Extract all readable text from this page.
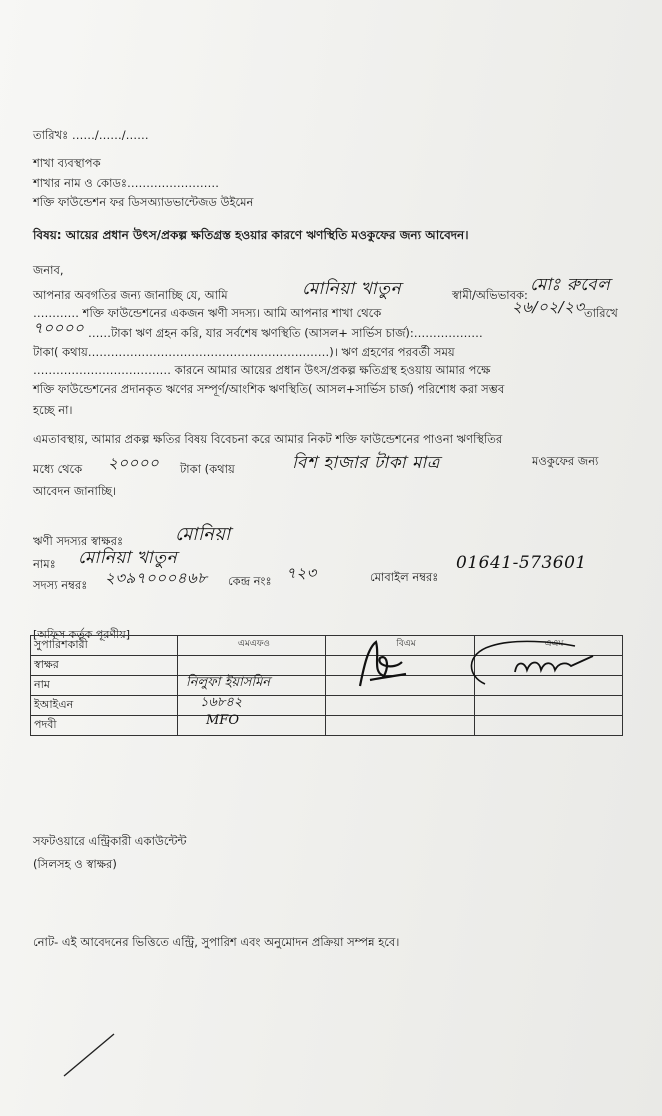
তারিখঃ ……/……/……
শাখা ব্যবস্থাপক
শাখার নাম ও কোডঃ……………………
শক্তি ফাউন্ডেশন ফর ডিসঅ্যাডভান্টেজড উইমেন
বিষয়: আয়ের প্রধান উৎস/প্রকল্প ক্ষতিগ্রস্ত হওয়ার কারণে ঋণস্থিতি মওকুফের জন্য আবেদন।
জনাব,
আপনার অবগতির জন্য জানাচ্ছি যে, আমি	মোনিয়া খাতুন	স্বামী/অভিভাবক: মোঃ রুবেল
………… শক্তি ফাউন্ডেশনের একজন ঋণী সদস্য। আমি আপনার শাখা থেকে	২৬/০২/২৩ তারিখে
৭০০০০ ……টাকা ঋণ গ্রহন করি, যার সর্বশেষ ঋণস্থিতি (আসল+ সার্ভিস চার্জ):………………
টাকা( কথায়………………………………………………………)। ঋণ গ্রহণের পরবর্তী সময়
……………………………… কারনে আমার আয়ের প্রধান উৎস/প্রকল্প ক্ষতিগ্রস্থ হওয়ায় আমার পক্ষে
শক্তি ফাউন্ডেশনের প্রদানকৃত ঋণের সম্পূর্ণ/আংশিক ঋণস্থিতি( আসল+সার্ভিস চার্জ) পরিশোধ করা সম্ভব
হচ্ছে না।
এমতাবস্থায়, আমার প্রকল্প ক্ষতির বিষয় বিবেচনা করে আমার নিকট শক্তি ফাউন্ডেশনের পাওনা ঋণস্থিতির
মধ্যে থেকে ২০০০০ টাকা (কথায়	বিশ হাজার টাকা মাত্র	মওকুফের জন্য
আবেদন জানাচ্ছি।
ঋণী সদস্যর স্বাক্ষরঃ	মোনিয়া
নামঃ মোনিয়া খাতুন
সদস্য নম্বরঃ ২৩৯৭০০০৪৬৮ কেন্দ্র নংঃ ৭২৩	মোবাইল নম্বরঃ
01641-573601
[অফিস কর্তৃক পূরণীয়]
সুপারিশকারী	এমএফও	বিএম	এএম

স্বাক্ষর			
নাম	নিলুফা ইয়াসমিন		

ইআইএন	১৬৮৪২		

পদবী	MFO		

সফটওয়ারে এন্ট্রিকারী একাউন্টেন্ট
(সিলসহ ও স্বাক্ষর)
নোট- এই আবেদনের ভিত্তিতে এন্ট্রি, সুপারিশ এবং অনুমোদন প্রক্রিয়া সম্পন্ন হবে।
